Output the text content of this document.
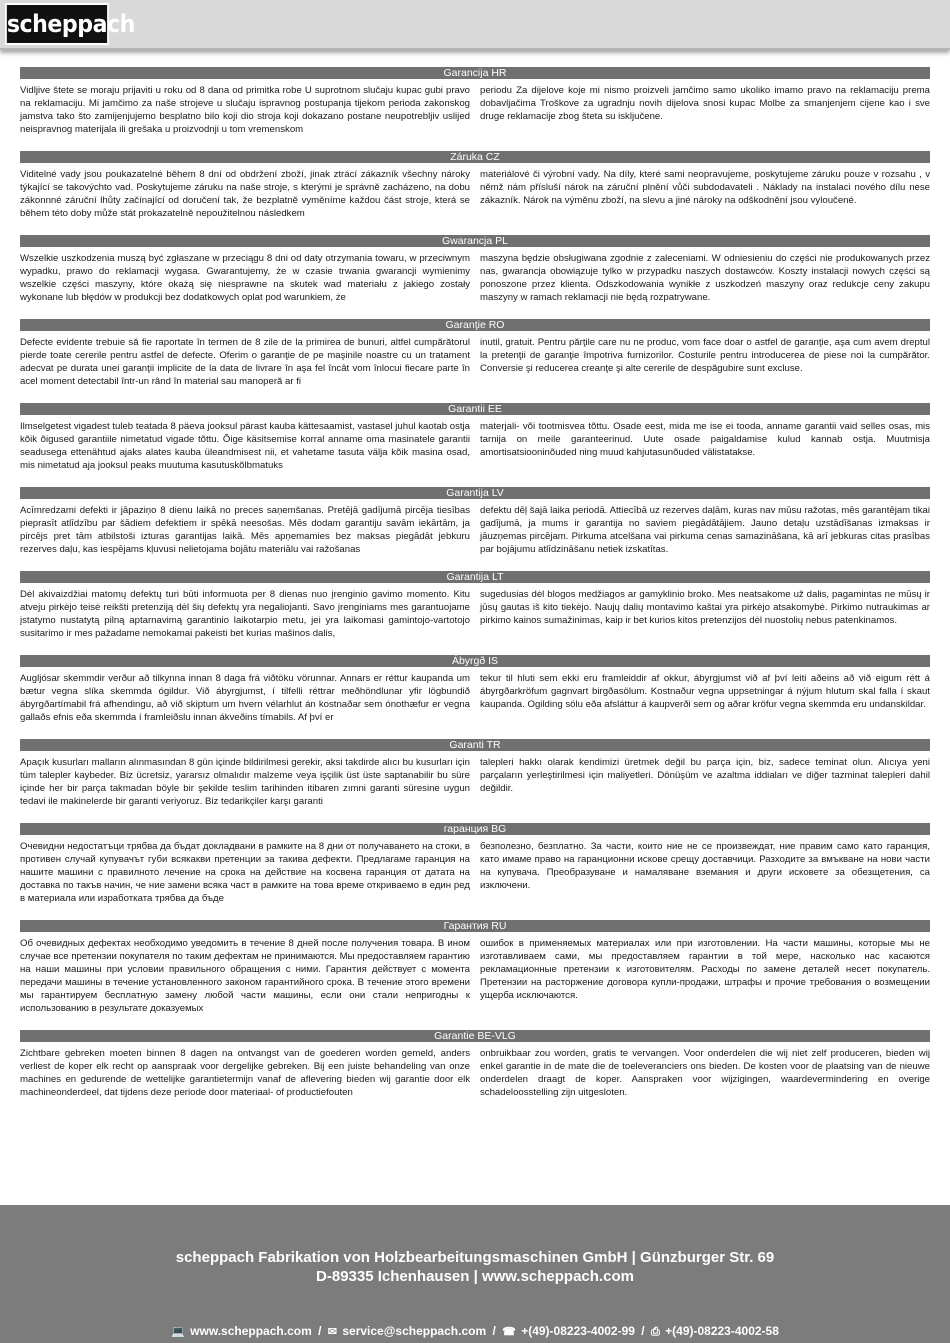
scheppach
Garancija HR

Vidljive štete se moraju prijaviti u roku od 8 dana od primitka robe U suprotnom slučaju kupac gubi pravo na reklamaciju. Mi jamčimo za naše strojeve u slučaju ispravnog postupanja tijekom perioda zakonskog jamstva tako što zamijenjujemo besplatno bilo koji dio stroja koji dokazano postane neupotrebljiv uslijed neispravnog materijala ili grešaka u proizvodnji u tom vremenskom

periodu Za dijelove koje mi nismo proizveli jamčimo samo ukoliko imamo pravo na reklamaciju prema dobavljačima Troškove za ugradnju novih dijelova snosi kupac Molbe za smanjenjem cijene kao i sve druge reklamacije zbog šteta su isključene.

Záruka CZ

Viditelné vady jsou poukazatelné během 8 dní od obdržení zboží, jinak ztrácí zákazník všechny nároky týkající se takovýchto vad. Poskytujeme záruku na naše stroje, s kterými je správně zacházeno, na dobu zákonnné záruční lhůty začínající od doručení tak, že bezplatně vyměníme každou část stroje, která se během této doby může stát prokazatelně nepoužitelnou následkem

materiálové či výrobní vady. Na díly, které sami neopravujeme, poskytujeme záruku pouze v rozsahu , v němž nám přísluší nárok na záruční plnění vůči subdodavateli . Náklady na instalaci nového dílu nese zákazník. Nárok na výměnu zboží, na slevu a jiné nároky na odškodnění jsou vyloučené.

Gwarancja PL

Wszelkie uszkodzenia muszą być zgłaszane w przeciągu 8 dni od daty otrzymania towaru, w przeciwnym wypadku, prawo do reklamacji wygasa. Gwarantujemy, że w czasie trwania gwarancji wymienimy wszelkie części maszyny, które okażą się niesprawne na skutek wad materiału z jakiego zostały wykonane lub błędów w produkcji bez dodatkowych oplat pod warunkiem, że

maszyna będzie obsługiwana zgodnie z zaleceniami. W odniesieniu do części nie produkowanych przez nas, gwarancja obowiązuje tylko w przypadku naszych dostawców. Koszty instalacji nowych części są ponoszone przez klienta. Odszkodowania wynikłe z uszkodzeń maszyny oraz redukcje ceny zakupu maszyny w ramach reklamacji nie będą rozpatrywane.

Garanţie RO

Defecte evidente trebuie să fie raportate în termen de 8 zile de la primirea de bunuri, altfel cumpărătorul pierde toate cererile pentru astfel de defecte. Oferim o garanţie de pe maşinile noastre cu un tratament adecvat pe durata unei garanţii implicite de la data de livrare în aşa fel încât vom înlocui fiecare parte în acel moment detectabil într-un rând în material sau manoperă ar fi

inutil, gratuit. Pentru părţile care nu ne produc, vom face doar o astfel de garanţie, aşa cum avem dreptul la pretenţii de garanţie împotriva furnizorilor. Costurile pentru introducerea de piese noi la cumpărător. Conversie şi reducerea creanţe şi alte cererile de despăgubire sunt excluse.

Garantii EE

Ilmselgetest vigadest tuleb teatada 8 päeva jooksul pärast kauba kättesaamist, vastasel juhul kaotab ostja kõik õigused garantiile nimetatud vigade tõttu. Õige käsitsemise korral anname oma masinatele garantii seadusega ettenähtud ajaks alates kauba üleandmisest nii, et vahetame tasuta välja kõik masina osad, mis nimetatud aja jooksul peaks muutuma kasutuskõlbmatuks

materjali- või tootmisvea tõttu. Osade eest, mida me ise ei tooda, anname garantii vaid selles osas, mis tarnija on meile garanteerinud. Uute osade paigaldamise kulud kannab ostja. Muutmisja amortisatsiooninõuded ning muud kahjutasunõuded välistatakse.

Garantija LV

Acīmredzami defekti ir jāpaziņo 8 dienu laikā no preces saņemšanas. Pretējā gadījumā pircēja tiesības pieprasīt atlīdzību par šādiem defektiem ir spēkā neesošas. Mēs dodam garantiju savām iekārtām, ja pircējs pret tām atbilstoši izturas garantijas laikā. Mēs apņemamies bez maksas piegādāt jebkuru rezerves daļu, kas iespējams kļuvusi nelietojama bojātu materiālu vai ražošanas

defektu dēļ šajā laika periodā. Attiecībā uz rezerves daļām, kuras nav mūsu ražotas, mēs garantējam tikai gadījumā, ja mums ir garantija no saviem piegādātājiem. Jauno detaļu uzstādīšanas izmaksas ir jāuzņemas pircējam. Pirkuma atcelšana vai pirkuma cenas samazināšana, kā arī jebkuras citas prasības par bojājumu atlīdzināšanu netiek izskatītas.

Garantija LT

Dėl akivaizdžiai matomų defektų turi būti informuota per 8 dienas nuo įrenginio gavimo momento. Kitu atveju pirkėjo teisė reikšti pretenziją dėl šių defektų yra negaliojanti. Savo įrenginiams mes garantuojame įstatymo nustatytą pilną aptarnavimą garantinio laikotarpio metu, jei yra laikomasi gamintojo-vartotojo susitarimo ir mes pažadame nemokamai pakeisti bet kurias mašinos dalis,

sugedusias dėl blogos medžiagos ar gamyklinio broko. Mes neatsakome už dalis, pagamintas ne mūsų ir jūsų gautas iš kito tiekėjo. Naujų dalių montavimo kaštai yra pirkėjo atsakomybė. Pirkimo nutraukimas ar pirkimo kainos sumažinimas, kaip ir bet kurios kitos pretenzijos dėl nuostolių nebus patenkinamos.

Ábyrgð IS

Augljósar skemmdir verður að tilkynna innan 8 daga frá viðtöku vörunnar. Annars er réttur kaupanda um bætur vegna slíka skemmda ógildur. Við ábyrgjumst, í tilfelli réttrar meðhöndlunar yfir lögbundið ábyrgðartímabil frá afhendingu, að við skiptum um hvern vélarhlut án kostnaðar sem ónothæfur er vegna gallaðs efnis eða skemmda í framleiðslu innan ákveðins tímabils. Af því er

tekur til hluti sem ekki eru framleiddir af okkur, ábyrgjumst við af því leiti aðeins að við eigum rétt á ábyrgðarkröfum gagnvart birgðasölum. Kostnaður vegna uppsetningar á nýjum hlutum skal falla í skaut kaupanda. Ogilding sölu eða afsláttur á kaupverði sem og aðrar kröfur vegna skemmda eru undanskildar.

Garanti TR

Apaçık kusurları malların alınmasından 8 gün içinde bildirilmesi gerekir, aksi takdirde alıcı bu kusurları için tüm talepler kaybeder. Biz ücretsiz, yararsız olmalıdır malzeme veya işçilik üst üste saptanabilir bu süre içinde her bir parça takmadan böyle bir şekilde teslim tarihinden itibaren zımni garanti süresine uygun tedavi ile makinelerde bir garanti veriyoruz. Biz tedarikçiler karşı garanti

talepleri hakkı olarak kendimizi üretmek değil bu parça için, biz, sadece teminat olun. Alıcıya yeni parçaların yerleştirilmesi için maliyetleri. Dönüşüm ve azaltma iddiaları ve diğer tazminat talepleri dahil değildir.

гаранция BG

Очевидни недостатъци трябва да бъдат докладвани в рамките на 8 дни от получаването на стоки, в противен случай купувачът губи всякакви претенции за такива дефекти. Предлагаме гаранция на нашите машини с правилното лечение на срока на действие на косвена гаранция от датата на доставка по такъв начин, че ние замени всяка част в рамките на това време откриваемо в един ред в материала или изработката трябва да бъде

безполезно, безплатно. За части, които ние не се произвеждат, ние правим само като гаранция, като имаме право на гаранционни искове срещу доставчици. Разходите за вмъкване на нови части на купувача. Преобразуване и намаляване вземания и други исковете за обезщетения, са изключени.

Гарантия RU

Об очевидных дефектах необходимо уведомить в течение 8 дней после получения товара. В ином случае все претензии покупателя по таким дефектам не принимаются. Мы предоставляем гарантию на наши машины при условии правильного обращения с ними. Гарантия действует с момента передачи машины в течение установленного законом гарантийного срока. В течение этого времени мы гарантируем бесплатную замену любой части машины, если они стали непригодны к использованию в результате доказуемых

ошибок в применяемых материалах или при изготовлении. На части машины, которые мы не изготавливаем сами, мы предоставляем гарантии в той мере, насколько нас касаются рекламационные претензии к изготовителям. Расходы по замене деталей несет покупатель. Претензии на расторжение договора купли-продажи, штрафы и прочие требования о возмещении ущерба исключаются.

Garantie BE-VLG

Zichtbare gebreken moeten binnen 8 dagen na ontvangst van de goederen worden gemeld, anders verliest de koper elk recht op aanspraak voor dergelijke gebreken. Bij een juiste behandeling van onze machines en gedurende de wettelijke garantietermijn vanaf de aflevering bieden wij garantie door elk machineonderdeel, dat tijdens deze periode door materiaal- of productiefouten

onbruikbaar zou worden, gratis te vervangen. Voor onderdelen die wij niet zelf produceren, bieden wij enkel garantie in de mate die de toeleveranciers ons bieden. De kosten voor de plaatsing van de nieuwe onderdelen draagt de koper. Aanspraken voor wijzigingen, waardevermindering en overige schadeloosstelling zijn uitgesloten.

scheppach Fabrikation von Holzbearbeitungsmaschinen GmbH | Günzburger Str. 69
D-89335 Ichenhausen | www.scheppach.com
💻 www.scheppach.com / ✉ service@scheppach.com / ☎ +(49)-08223-4002-99 / ⎙ +(49)-08223-4002-58
